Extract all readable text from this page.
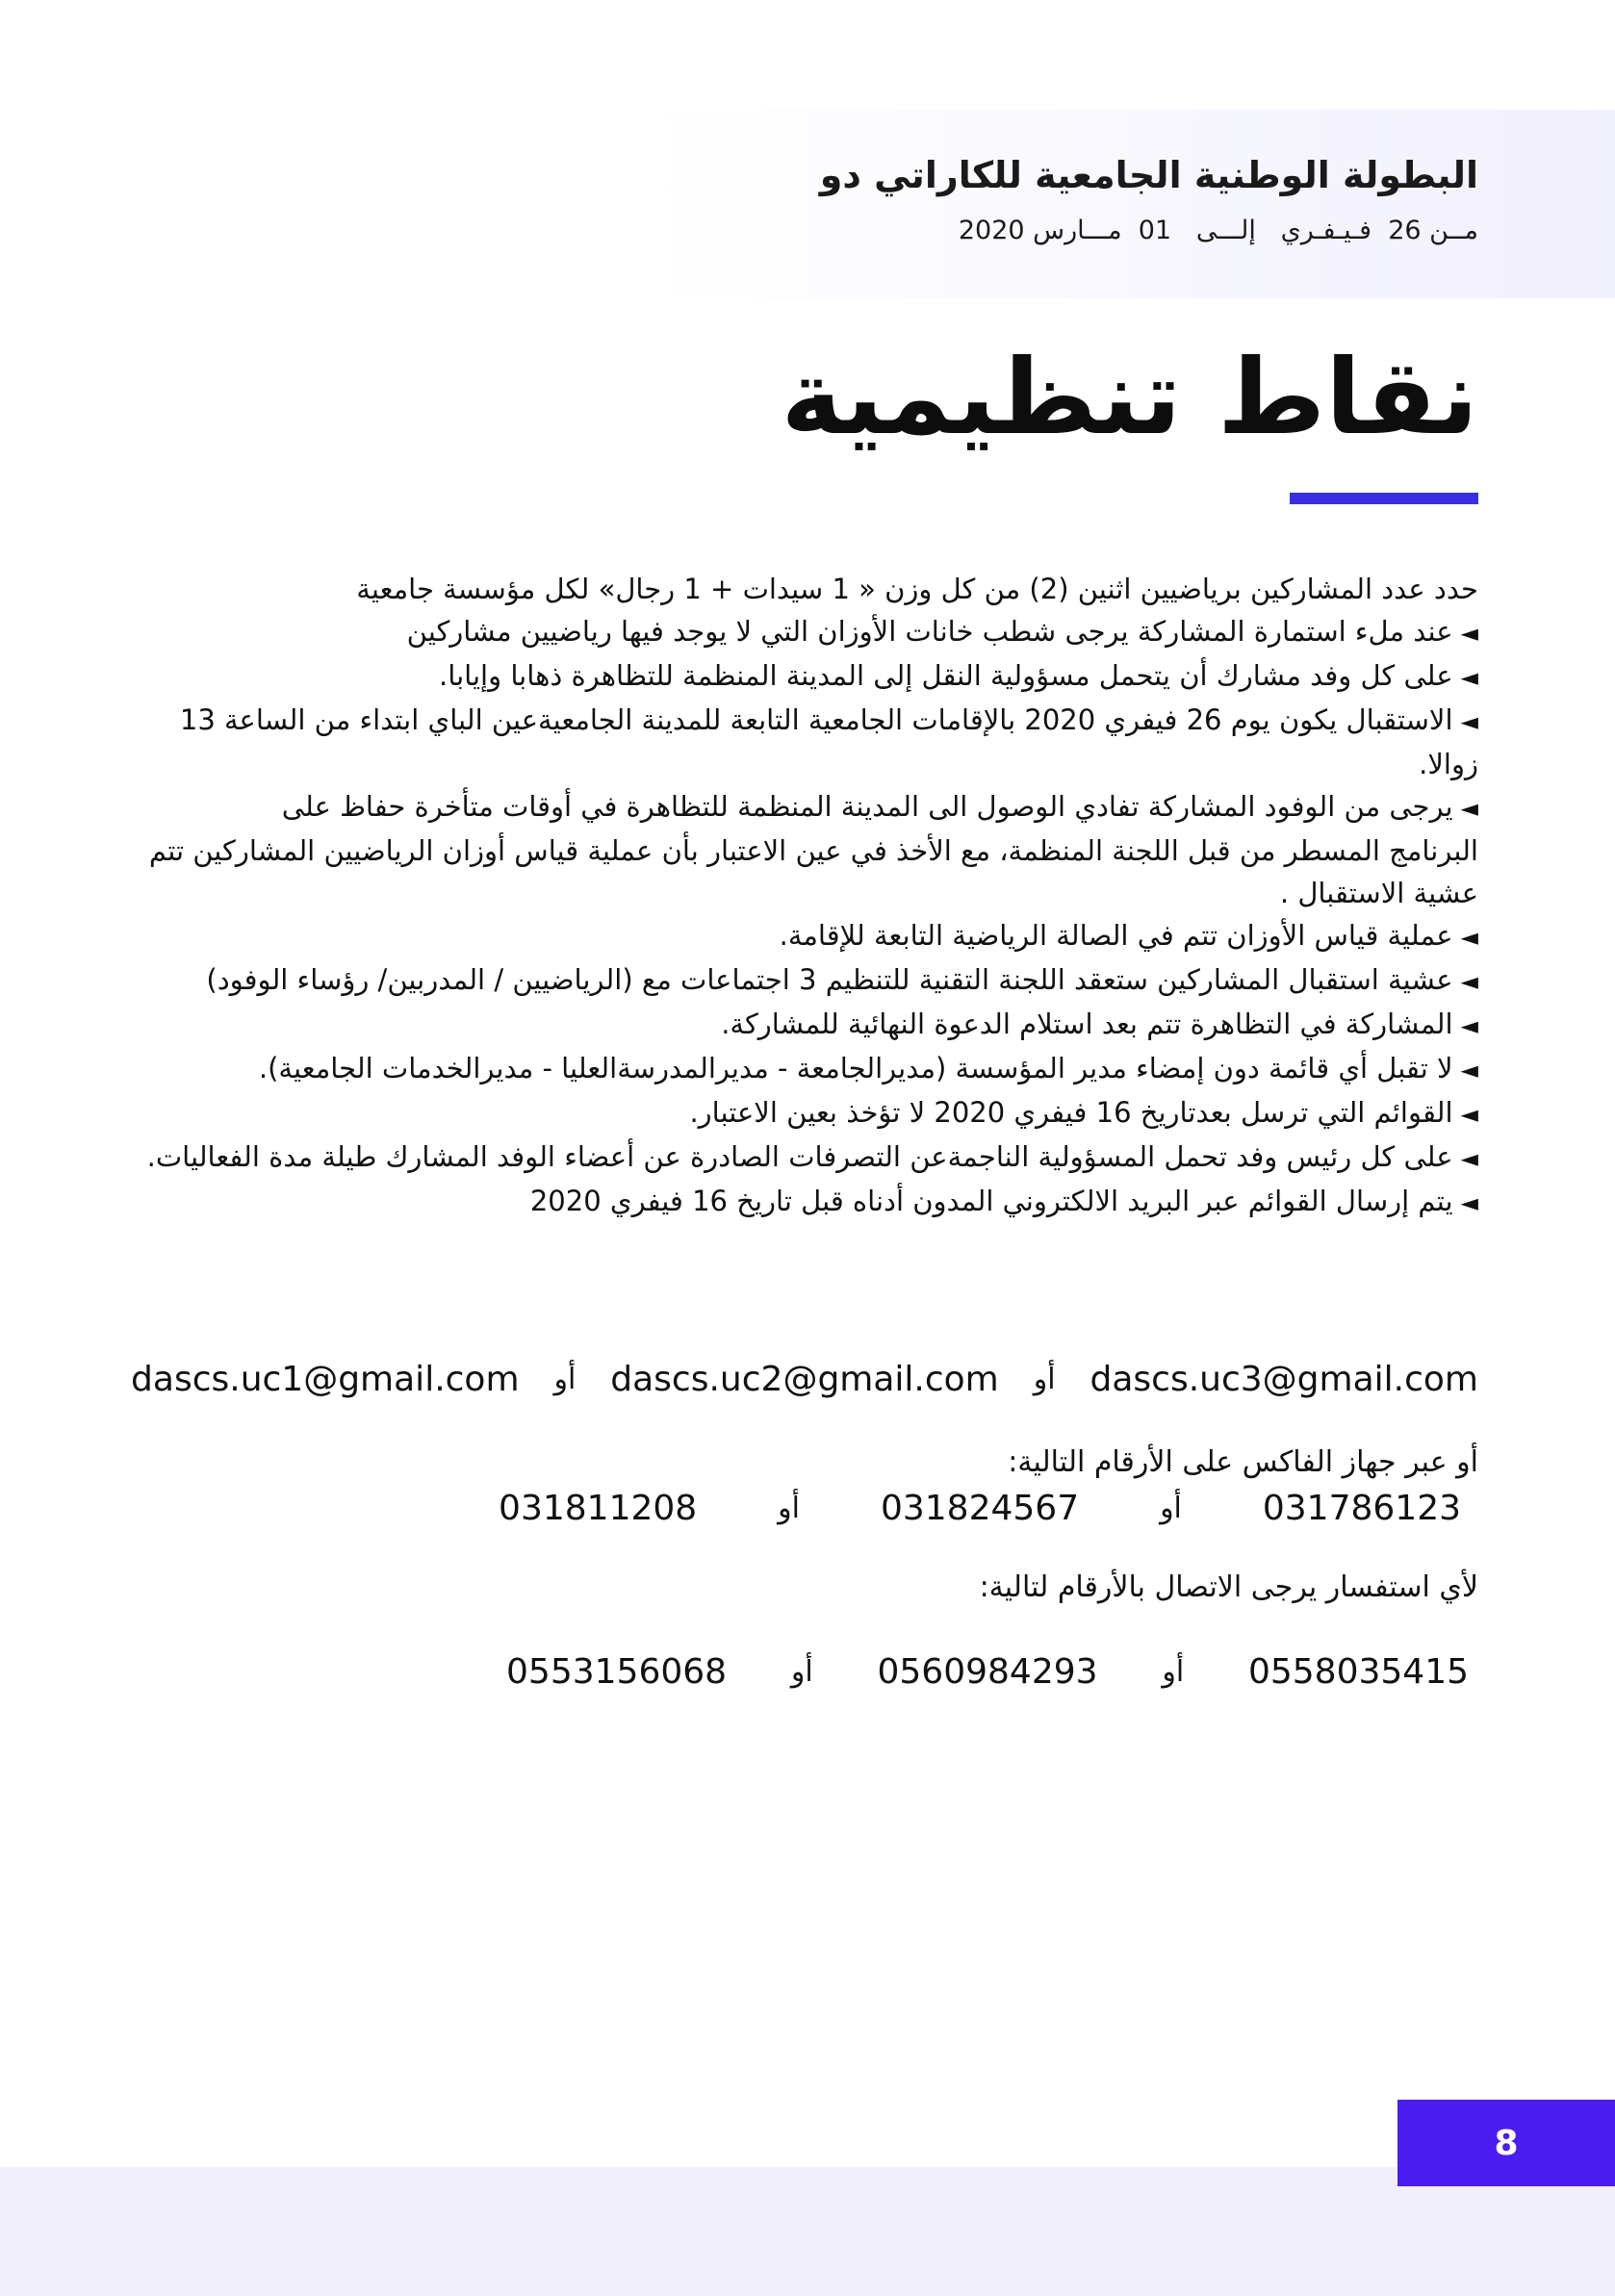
البطولة الوطنية الجامعية للكاراتي دو
مــن 26  فـيـفـري   إلـــى   01  مـــارس 2020
نقاط تنظيمية

حدد عدد المشاركين برياضيين اثنين (2) من كل وزن « 1 سيدات + 1 رجال» لكل مؤسسة جامعية

◄عند ملء استمارة المشاركة يرجى شطب خانات الأوزان التي لا يوجد فيها رياضيين مشاركين

◄على كل وفد مشارك أن يتحمل مسؤولية النقل إلى المدينة المنظمة للتظاهرة ذهابا وإيابا.

◄الاستقبال يكون يوم 26 فيفري 2020 بالإقامات الجامعية التابعة للمدينة الجامعيةعين الباي ابتداء من الساعة 13 زوالا.

◄يرجى من الوفود المشاركة تفادي الوصول الى المدينة المنظمة للتظاهرة في أوقات متأخرة حفاظ على

البرنامج المسطر من قبل اللجنة المنظمة، مع الأخذ في عين الاعتبار بأن عملية قياس أوزان الرياضيين المشاركين تتم عشية الاستقبال .

◄عملية قياس الأوزان تتم في الصالة الرياضية التابعة للإقامة.

◄عشية استقبال المشاركين ستعقد اللجنة التقنية للتنظيم 3 اجتماعات مع (الرياضيين / المدربين/ رؤساء الوفود)

◄المشاركة في التظاهرة تتم بعد استلام الدعوة النهائية للمشاركة.

◄لا تقبل أي قائمة دون إمضاء مدير المؤسسة (مديرالجامعة - مديرالمدرسةالعليا - مديرالخدمات الجامعية).

◄القوائم التي ترسل بعدتاريخ 16 فيفري 2020 لا تؤخذ بعين الاعتبار.

◄على كل رئيس وفد تحمل المسؤولية الناجمةعن التصرفات الصادرة عن أعضاء الوفد المشارك طيلة مدة الفعاليات.

◄يتم إرسال القوائم عبر البريد الالكتروني المدون أدناه قبل تاريخ 16 فيفري 2020

dascs.uc3@gmail.com
أو
dascs.uc2@gmail.com
أو
dascs.uc1@gmail.com
أو عبر جهاز الفاكس على الأرقام التالية:
031786123
أو
031824567
أو
031811208
لأي استفسار يرجى الاتصال بالأرقام لتالية:
0558035415
أو
0560984293
أو
0553156068
8
